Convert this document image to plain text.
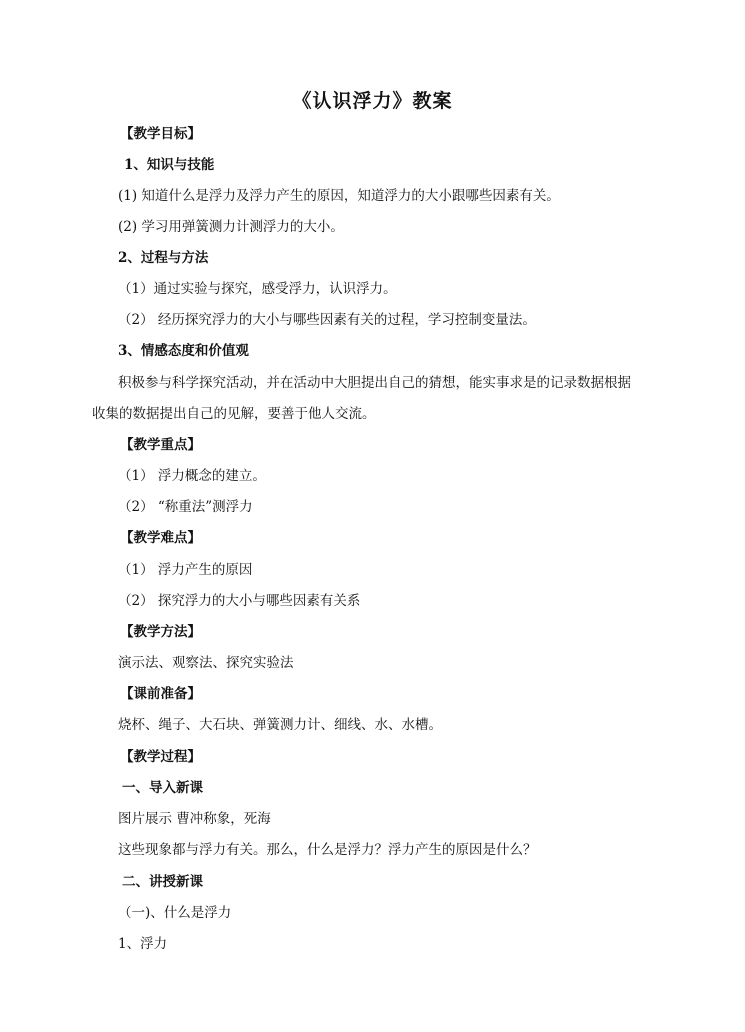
《认识浮力》教案
【教学目标】
1、知识与技能
(1) 知道什么是浮力及浮力产生的原因，知道浮力的大小跟哪些因素有关。
(2) 学习用弹簧测力计测浮力的大小。
2、过程与方法
（1）通过实验与探究，感受浮力，认识浮力。
（2） 经历探究浮力的大小与哪些因素有关的过程，学习控制变量法。
3、情感态度和价值观
积极参与科学探究活动，并在活动中大胆提出自己的猜想，能实事求是的记录数据根据
收集的数据提出自己的见解，要善于他人交流。
【教学重点】
（1） 浮力概念的建立。
（2） “称重法”测浮力
【教学难点】
（1） 浮力产生的原因
（2） 探究浮力的大小与哪些因素有关系
【教学方法】
演示法、观察法、探究实验法
【课前准备】
烧杯、绳子、大石块、弹簧测力计、细线、水、水槽。
【教学过程】
一、导入新课
图片展示 曹冲称象，死海
这些现象都与浮力有关。那么，什么是浮力？浮力产生的原因是什么？
二、讲授新课
（一)、什么是浮力
1、浮力
